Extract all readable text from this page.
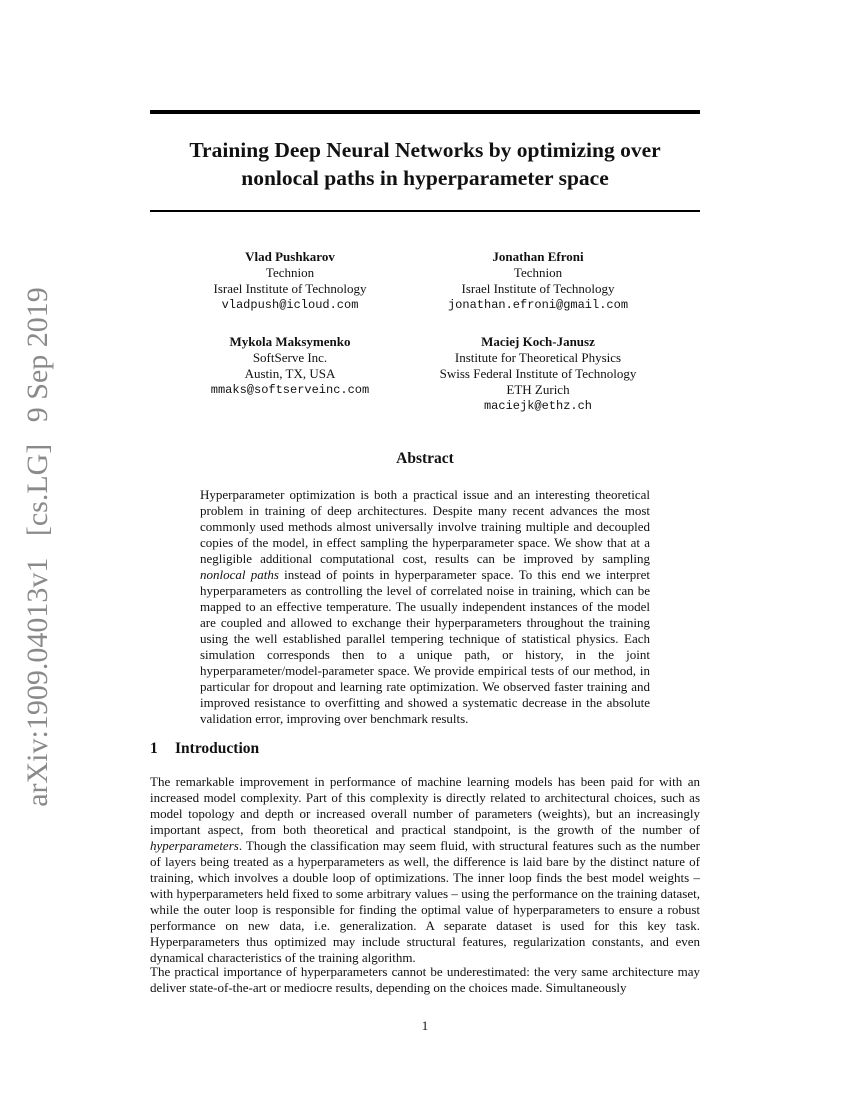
arXiv:1909.04013v1 [cs.LG] 9 Sep 2019
Training Deep Neural Networks by optimizing over
nonlocal paths in hyperparameter space
Vlad Pushkarov
Technion
Israel Institute of Technology
vladpush@icloud.com
Jonathan Efroni
Technion
Israel Institute of Technology
jonathan.efroni@gmail.com
Mykola Maksymenko
SoftServe Inc.
Austin, TX, USA
mmaks@softserveinc.com
Maciej Koch-Janusz
Institute for Theoretical Physics
Swiss Federal Institute of Technology
ETH Zurich
maciejk@ethz.ch
Abstract
Hyperparameter optimization is both a practical issue and an interesting theoretical problem in training of deep architectures. Despite many recent advances the most commonly used methods almost universally involve training multiple and decoupled copies of the model, in effect sampling the hyperparameter space. We show that at a negligible additional computational cost, results can be improved by sampling nonlocal paths instead of points in hyperparameter space. To this end we interpret hyperparameters as controlling the level of correlated noise in training, which can be mapped to an effective temperature. The usually independent instances of the model are coupled and allowed to exchange their hyperparameters throughout the training using the well established parallel tempering technique of statistical physics. Each simulation corresponds then to a unique path, or history, in the joint hyperparameter/model-parameter space. We provide empirical tests of our method, in particular for dropout and learning rate optimization. We observed faster training and improved resistance to overfitting and showed a systematic decrease in the absolute validation error, improving over benchmark results.
1 Introduction
The remarkable improvement in performance of machine learning models has been paid for with an increased model complexity. Part of this complexity is directly related to architectural choices, such as model topology and depth or increased overall number of parameters (weights), but an increasingly important aspect, from both theoretical and practical standpoint, is the growth of the number of hyperparameters. Though the classification may seem fluid, with structural features such as the number of layers being treated as a hyperparameters as well, the difference is laid bare by the distinct nature of training, which involves a double loop of optimizations. The inner loop finds the best model weights – with hyperparameters held fixed to some arbitrary values – using the performance on the training dataset, while the outer loop is responsible for finding the optimal value of hyperparameters to ensure a robust performance on new data, i.e. generalization. A separate dataset is used for this key task. Hyperparameters thus optimized may include structural features, regularization constants, and even dynamical characteristics of the training algorithm.
The practical importance of hyperparameters cannot be underestimated: the very same architecture may deliver state-of-the-art or mediocre results, depending on the choices made. Simultaneously
1
